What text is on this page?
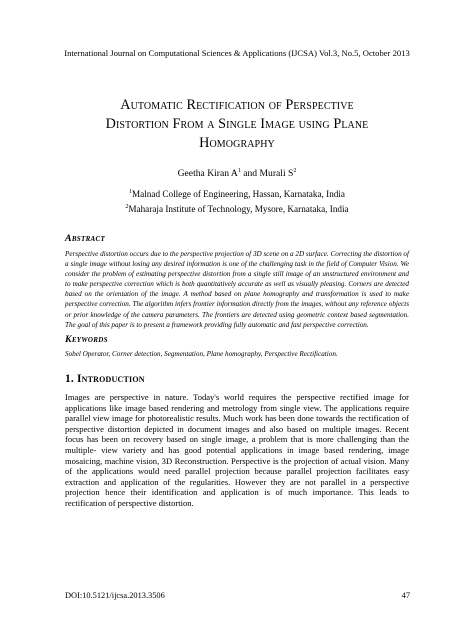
International Journal on Computational Sciences & Applications (IJCSA) Vol.3, No.5, October 2013
Automatic Rectification of Perspective
Distortion From a Single Image using Plane
Homography
Geetha Kiran $A^1$ and Murali $S^2$
$^1$Malnad College of Engineering, Hassan, Karnataka, India
$^2$Maharaja Institute of Technology, Mysore, Karnataka, India
Abstract
Perspective distortion occurs due to the perspective projection of 3D scene on a 2D surface. Correcting the distortion of a single image without losing any desired information is one of the challenging task in the field of Computer Vision. We consider the problem of estimating perspective distortion from a single still image of an unstructured environment and to make perspective correction which is both quantitatively accurate as well as visually pleasing. Corners are detected based on the orientation of the image. A method based on plane homography and transformation is used to make perspective correction. The algorithm infers frontier information directly from the images, without any reference objects or prior knowledge of the camera parameters. The frontiers are detected using geometric context based segmentation. The goal of this paper is to present a framework providing fully automatic and fast perspective correction.
Keywords
Sobel Operator, Corner detection, Segmentation, Plane homography, Perspective Rectification.
1. Introduction
Images are perspective in nature. Today's world requires the perspective rectified image for applications like image based rendering and metrology from single view. The applications require parallel view image for photorealistic results. Much work has been done towards the rectification of perspective distortion depicted in document images and also based on multiple images. Recent focus has been on recovery based on single image, a problem that is more challenging than the multiple- view variety and has good potential applications in image based rendering, image mosaicing, machine vision, 3D Reconstruction. Perspective is the projection of actual vision. Many of the applications would need parallel projection because parallel projection facilitates easy extraction and application of the regularities. However they are not parallel in a perspective projection hence their identification and application is of much importance. This leads to rectification of perspective distortion.
DOI:10.5121/ijcsa.2013.3506	47
